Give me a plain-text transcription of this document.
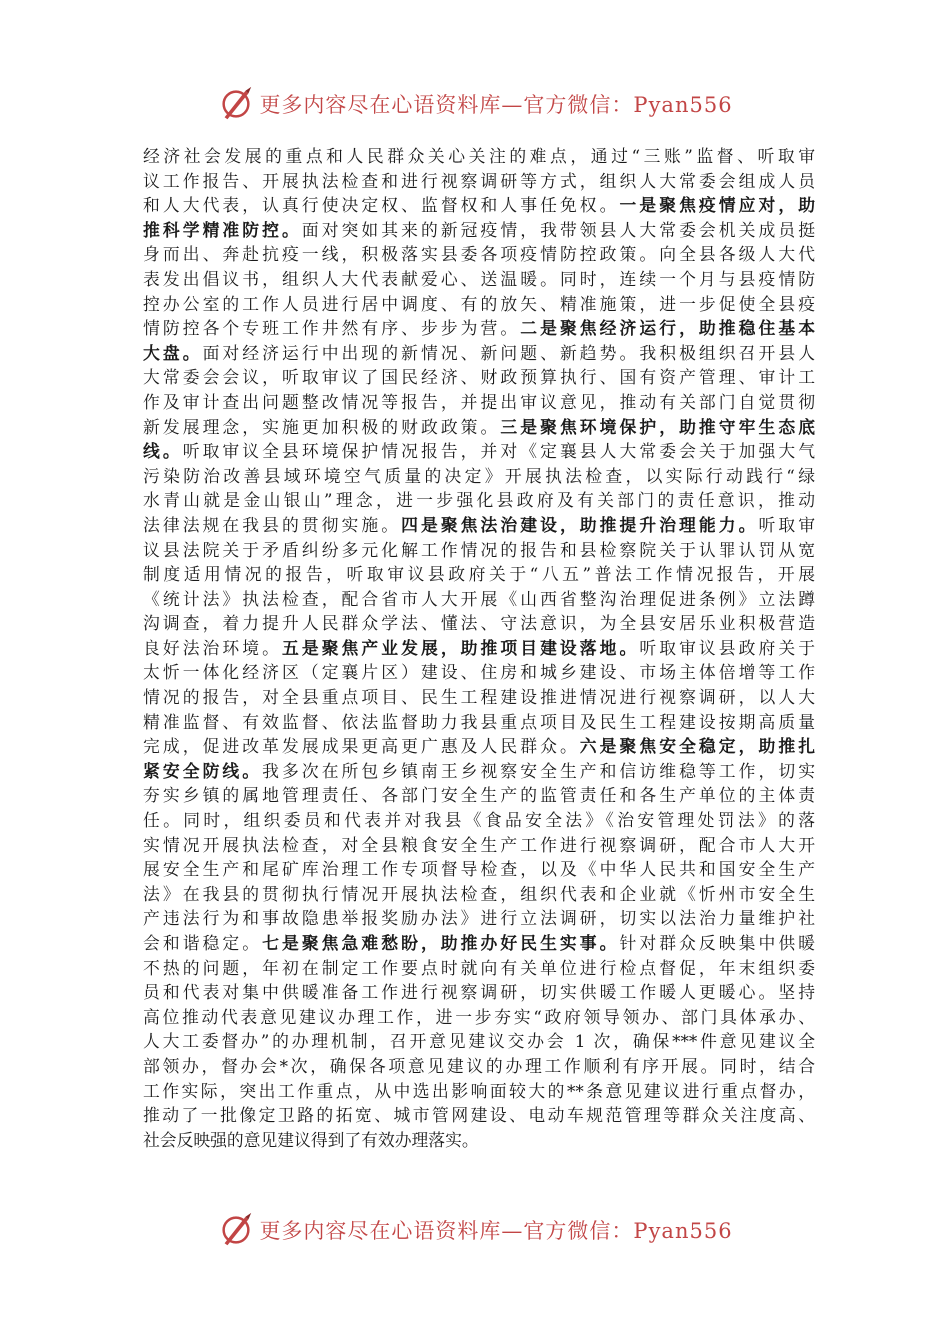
更多内容尽在心语资料库—官方微信：Pyan556
经济社会发展的重点和人民群众关心关注的难点，通过“三账”监督、听取审
议工作报告、开展执法检查和进行视察调研等方式，组织人大常委会组成人员
和人大代表，认真行使决定权、监督权和人事任免权。一是聚焦疫情应对，助
推科学精准防控。面对突如其来的新冠疫情，我带领县人大常委会机关成员挺
身而出、奔赴抗疫一线，积极落实县委各项疫情防控政策。向全县各级人大代
表发出倡议书，组织人大代表献爱心、送温暖。同时，连续一个月与县疫情防
控办公室的工作人员进行居中调度、有的放矢、精准施策，进一步促使全县疫
情防控各个专班工作井然有序、步步为营。二是聚焦经济运行，助推稳住基本
大盘。面对经济运行中出现的新情况、新问题、新趋势。我积极组织召开县人
大常委会会议，听取审议了国民经济、财政预算执行、国有资产管理、审计工
作及审计查出问题整改情况等报告，并提出审议意见，推动有关部门自觉贯彻
新发展理念，实施更加积极的财政政策。三是聚焦环境保护，助推守牢生态底
线。听取审议全县环境保护情况报告，并对《定襄县人大常委会关于加强大气
污染防治改善县域环境空气质量的决定》开展执法检查，以实际行动践行“绿
水青山就是金山银山”理念，进一步强化县政府及有关部门的责任意识，推动
法律法规在我县的贯彻实施。四是聚焦法治建设，助推提升治理能力。听取审
议县法院关于矛盾纠纷多元化解工作情况的报告和县检察院关于认罪认罚从宽
制度适用情况的报告，听取审议县政府关于“八五”普法工作情况报告，开展
《统计法》执法检查，配合省市人大开展《山西省整沟治理促进条例》立法蹲
沟调查，着力提升人民群众学法、懂法、守法意识，为全县安居乐业积极营造
良好法治环境。五是聚焦产业发展，助推项目建设落地。听取审议县政府关于
太忻一体化经济区（定襄片区）建设、住房和城乡建设、市场主体倍增等工作
情况的报告，对全县重点项目、民生工程建设推进情况进行视察调研，以人大
精准监督、有效监督、依法监督助力我县重点项目及民生工程建设按期高质量
完成，促进改革发展成果更高更广惠及人民群众。六是聚焦安全稳定，助推扎
紧安全防线。我多次在所包乡镇南王乡视察安全生产和信访维稳等工作，切实
夯实乡镇的属地管理责任、各部门安全生产的监管责任和各生产单位的主体责
任。同时，组织委员和代表并对我县《食品安全法》《治安管理处罚法》的落
实情况开展执法检查，对全县粮食安全生产工作进行视察调研，配合市人大开
展安全生产和尾矿库治理工作专项督导检查，以及《中华人民共和国安全生产
法》在我县的贯彻执行情况开展执法检查，组织代表和企业就《忻州市安全生
产违法行为和事故隐患举报奖励办法》进行立法调研，切实以法治力量维护社
会和谐稳定。七是聚焦急难愁盼，助推办好民生实事。针对群众反映集中供暖
不热的问题，年初在制定工作要点时就向有关单位进行检点督促，年末组织委
员和代表对集中供暖准备工作进行视察调研，切实供暖工作暖人更暖心。坚持
高位推动代表意见建议办理工作，进一步夯实“政府领导领办、部门具体承办、
人大工委督办”的办理机制，召开意见建议交办会 1 次，确保***件意见建议全
部领办，督办会*次，确保各项意见建议的办理工作顺利有序开展。同时，结合
工作实际，突出工作重点，从中选出影响面较大的**条意见建议进行重点督办，
推动了一批像定卫路的拓宽、城市管网建设、电动车规范管理等群众关注度高、
社会反映强的意见建议得到了有效办理落实。
更多内容尽在心语资料库—官方微信：Pyan556
